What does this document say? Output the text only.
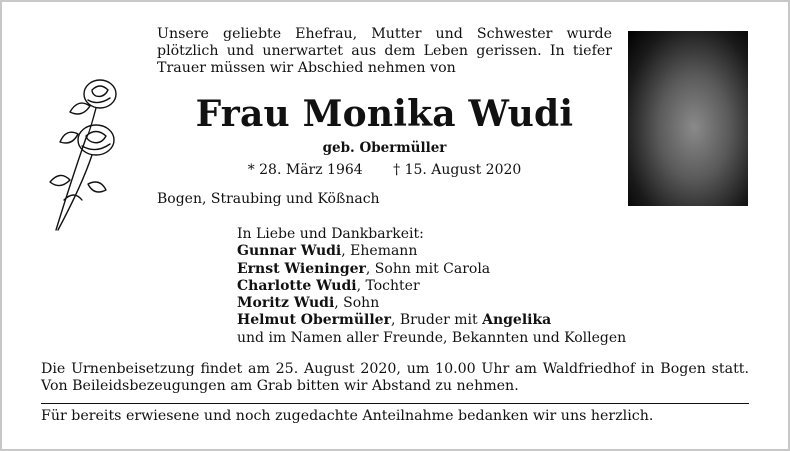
Unsere geliebte Ehefrau, Mutter und Schwester wurde plötzlich und unerwartet aus dem Leben gerissen. In tiefer Trauer müssen wir Abschied nehmen von
Frau Monika Wudi
geb. Obermüller
* 28. März 1964 † 15. August 2020
Bogen, Straubing und Kößnach
In Liebe und Dankbarkeit:
Gunnar Wudi, Ehemann
Ernst Wieninger, Sohn mit Carola
Charlotte Wudi, Tochter
Moritz Wudi, Sohn
Helmut Obermüller, Bruder mit Angelika
und im Namen aller Freunde, Bekannten und Kollegen
Die Urnenbeisetzung findet am 25. August 2020, um 10.00 Uhr am Waldfriedhof in Bogen statt. Von Beileidsbezeugungen am Grab bitten wir Abstand zu nehmen.
Für bereits erwiesene und noch zugedachte Anteilnahme bedanken wir uns herzlich.
